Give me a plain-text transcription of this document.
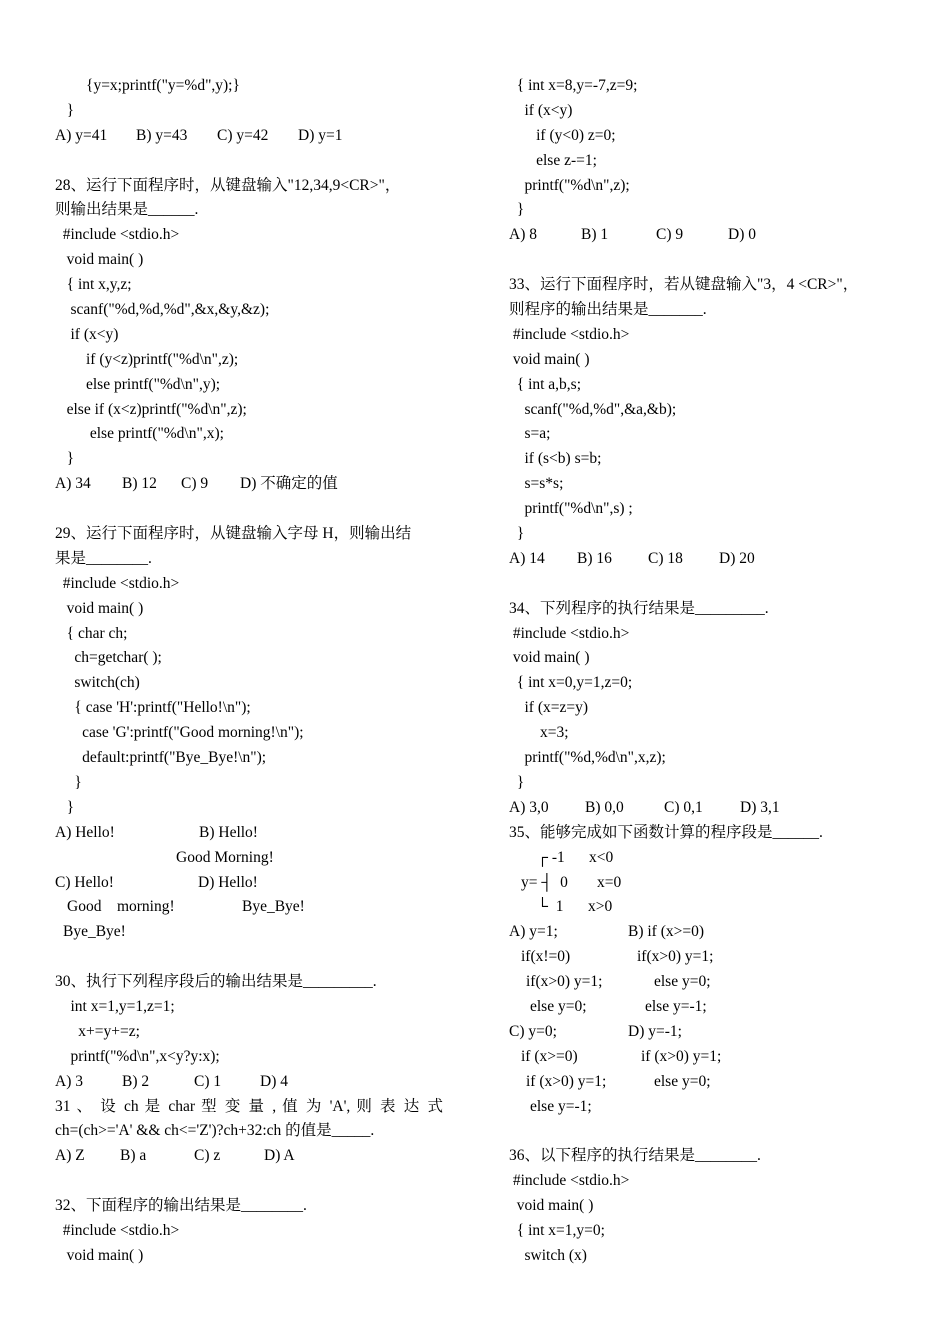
{y=x;printf("y=%d",y);}
}
A) y=41 B) y=43 C) y=42 D) y=1
28、运行下面程序时，从键盘输入"12,34,9<CR>"，
则输出结果是______.
#include <stdio.h>
void main( )
{ int x,y,z;
scanf("%d,%d,%d",&x,&y,&z);
if (x<y)
if (y<z)printf("%d\n",z);
else printf("%d\n",y);
else if (x<z)printf("%d\n",z);
else printf("%d\n",x);
}
A) 34 B) 12 C) 9 D) 不确定的值
29、运行下面程序时，从键盘输入字母 H，则输出结
果是________.
#include <stdio.h>
void main( )
{ char ch;
ch=getchar( );
switch(ch)
{ case 'H':printf("Hello!\n");
case 'G':printf("Good morning!\n");
default:printf("Bye_Bye!\n");
}
}
A) Hello!	B) Hello!
Good Morning!
C) Hello!	D) Hello!
Good    morning!	Bye_Bye!
Bye_Bye!
30、执行下列程序段后的输出结果是_________.
int x=1,y=1,z=1;
x+=y+=z;
printf("%d\n",x<y?y:x);
A) 3	B) 2	C) 1	D) 4
31 、 设 ch 是 char 型 变 量 , 值 为 'A', 则 表 达 式
ch=(ch>='A' && ch<='Z')?ch+32:ch 的值是_____.
A) Z B) a	C) z	D) A
32、下面程序的输出结果是________.
#include <stdio.h>
void main( )
{ int x=8,y=-7,z=9;
if (x<y)
if (y<0) z=0;
else z-=1;
printf("%d\n",z);
}
A) 8	B) 1	C) 9	D) 0
33、运行下面程序时，若从键盘输入"3，4 <CR>"，
则程序的输出结果是_______.
#include <stdio.h>
void main( )
{ int a,b,s;
scanf("%d,%d",&a,&b);
s=a;
if (s<b) s=b;
s=s*s;
printf("%d\n",s) ;
}
A) 14 B) 16 C) 18 D) 20
34、下列程序的执行结果是_________.
#include <stdio.h>
void main( )
{ int x=0,y=1,z=0;
if (x=z=y)
x=3;
printf("%d,%d\n",x,z);
}
A) 3,0 B) 0,0	C) 0,1 D) 3,1
35、能够完成如下函数计算的程序段是______.
┌ -1 x<0
y= ┤  0 x=0
└  1 x>0
A) y=1;	B) if (x>=0)
if(x!=0)	if(x>0) y=1;
if(x>0) y=1;	else y=0;
else y=0;	else y=-1;
C) y=0;	D) y=-1;
if (x>=0)	if (x>0) y=1;
if (x>0) y=1;	else y=0;
else y=-1;
36、以下程序的执行结果是________.
#include <stdio.h>
void main( )
{ int x=1,y=0;
switch (x)
